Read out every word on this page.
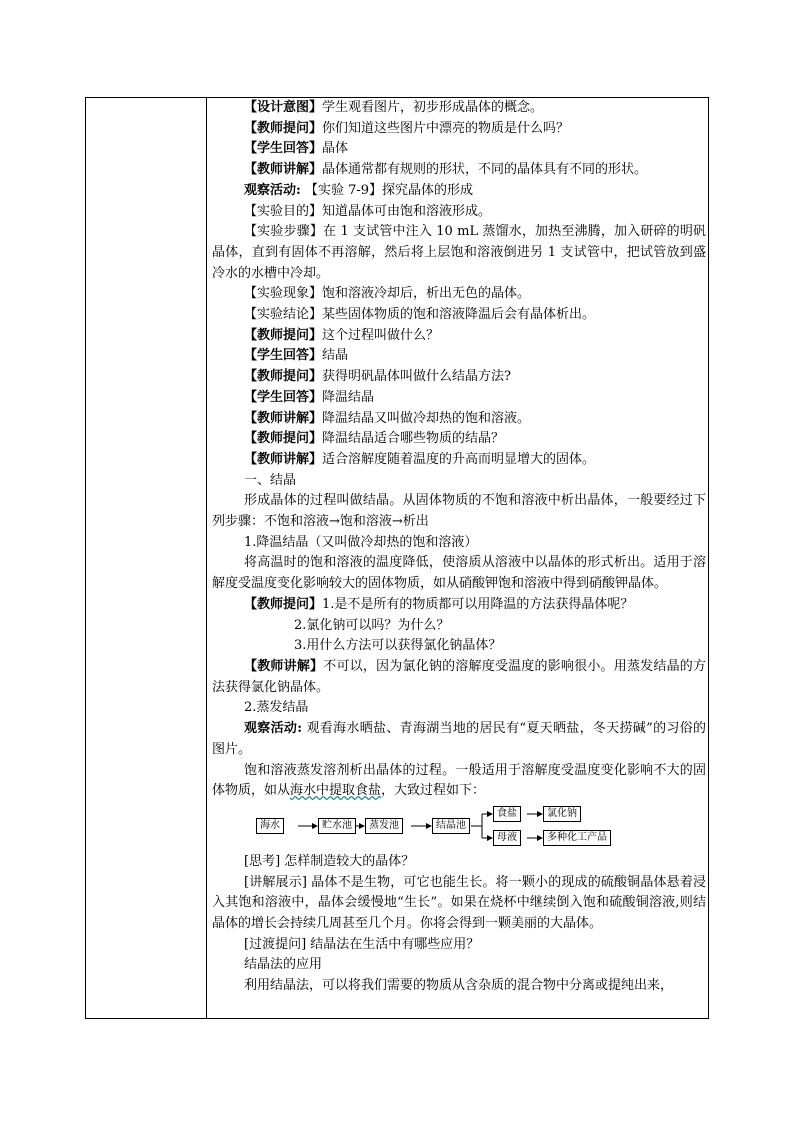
【设计意图】学生观看图片，初步形成晶体的概念。

【教师提问】你们知道这些图片中漂亮的物质是什么吗？

【学生回答】晶体

【教师讲解】晶体通常都有规则的形状，不同的晶体具有不同的形状。

观察活动: 【实验 7-9】探究晶体的形成

【实验目的】知道晶体可由饱和溶液形成。

【实验步骤】在 1 支试管中注入 10 mL 蒸馏水，加热至沸腾，加入研碎的明矾晶体，直到有固体不再溶解，然后将上层饱和溶液倒进另 1 支试管中，把试管放到盛冷水的水槽中冷却。

【实验现象】饱和溶液冷却后，析出无色的晶体。

【实验结论】某些固体物质的饱和溶液降温后会有晶体析出。

【教师提问】这个过程叫做什么？

【学生回答】结晶

【教师提问】获得明矾晶体叫做什么结晶方法?

【学生回答】降温结晶

【教师讲解】降温结晶又叫做冷却热的饱和溶液。

【教师提问】降温结晶适合哪些物质的结晶？

【教师讲解】适合溶解度随着温度的升高而明显增大的固体。

一、结晶

形成晶体的过程叫做结晶。从固体物质的不饱和溶液中析出晶体，一般要经过下列步骤：不饱和溶液→饱和溶液→析出

1.降温结晶（又叫做冷却热的饱和溶液）

将高温时的饱和溶液的温度降低，使溶质从溶液中以晶体的形式析出。适用于溶解度受温度变化影响较大的固体物质，如从硝酸钾饱和溶液中得到硝酸钾晶体。

【教师提问】1.是不是所有的物质都可以用降温的方法获得晶体呢？

2.氯化钠可以吗？为什么？

3.用什么方法可以获得氯化钠晶体？

【教师讲解】不可以，因为氯化钠的溶解度受温度的影响很小。用蒸发结晶的方法获得氯化钠晶体。

2.蒸发结晶

观察活动: 观看海水晒盐、青海湖当地的居民有“夏天晒盐，冬天捞碱”的习俗的图片。

饱和溶液蒸发溶剂析出晶体的过程。一般适用于溶解度受温度变化影响不大的固体物质，如从海水中提取食盐，大致过程如下：

海水	贮水池	蒸发池	结晶池
食盐	氯化钠
母液	多种化工产品

[思考] 怎样制造较大的晶体？

[讲解展示] 晶体不是生物，可它也能生长。将一颗小的现成的硫酸铜晶体悬着浸入其饱和溶液中，晶体会缓慢地“生长”。如果在烧杯中继续倒入饱和硫酸铜溶液,则结晶体的增长会持续几周甚至几个月。你将会得到一颗美丽的大晶体。

[过渡提问] 结晶法在生活中有哪些应用？

结晶法的应用

利用结晶法，可以将我们需要的物质从含杂质的混合物中分离或提纯出来，
